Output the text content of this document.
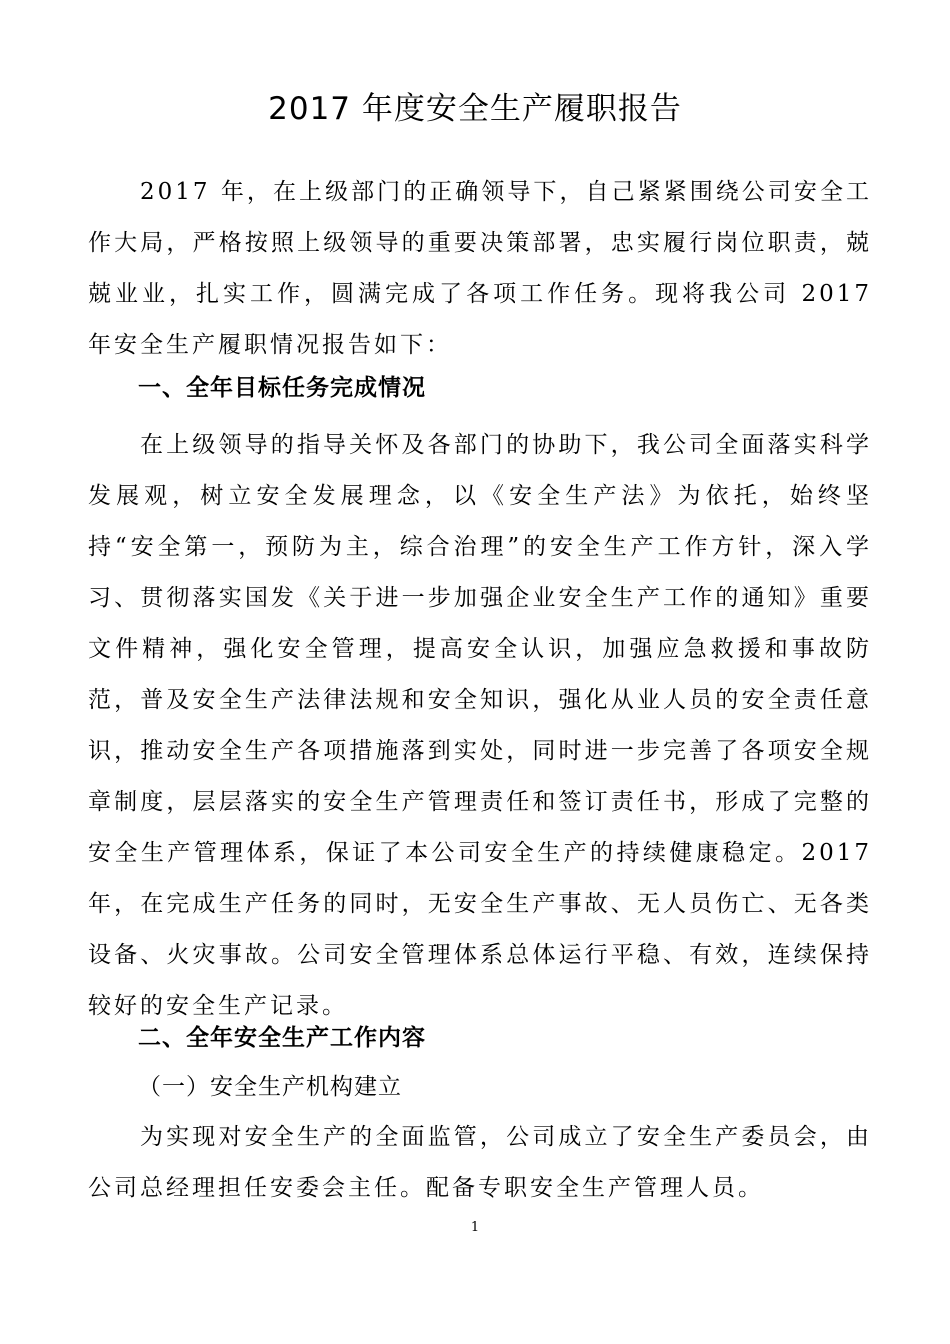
2017 年度安全生产履职报告

2017 年，在上级部门的正确领导下，自己紧紧围绕公司安全工作大局，严格按照上级领导的重要决策部署，忠实履行岗位职责，兢兢业业，扎实工作，圆满完成了各项工作任务。现将我公司 2017 年安全生产履职情况报告如下：

一、全年目标任务完成情况

在上级领导的指导关怀及各部门的协助下，我公司全面落实科学发展观，树立安全发展理念，以《安全生产法》为依托，始终坚持“安全第一，预防为主，综合治理”的安全生产工作方针，深入学习、贯彻落实国发《关于进一步加强企业安全生产工作的通知》重要文件精神，强化安全管理，提高安全认识，加强应急救援和事故防范，普及安全生产法律法规和安全知识，强化从业人员的安全责任意识，推动安全生产各项措施落到实处，同时进一步完善了各项安全规章制度，层层落实的安全生产管理责任和签订责任书，形成了完整的安全生产管理体系，保证了本公司安全生产的持续健康稳定。2017 年，在完成生产任务的同时，无安全生产事故、无人员伤亡、无各类设备、火灾事故。公司安全管理体系总体运行平稳、有效，连续保持较好的安全生产记录。

二、全年安全生产工作内容
（一）安全生产机构建立

为实现对安全生产的全面监管，公司成立了安全生产委员会，由公司总经理担任安委会主任。配备专职安全生产管理人员。

1
